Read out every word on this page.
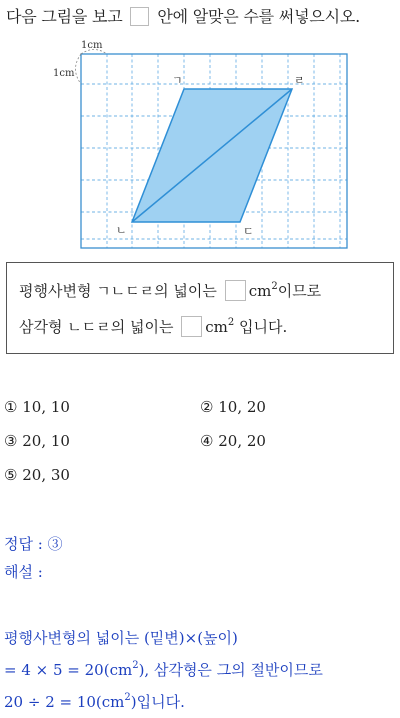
다음 그림을 보고 안에 알맞은 수를 써넣으시오.
1cm
1cm
ㄱ	ㄹ
ㄴ	ㄷ
평행사변형 ㄱㄴㄷㄹ의 넓이는 $cm^2$이므로
삼각형 ㄴㄷㄹ의 넓이는 $cm^2$ 입니다.
① 10, 10	② 10, 20
③ 20, 10	④ 20, 20
⑤ 20, 30
정답 : ③
해설 :
평행사변형의 넓이는 (밑변)×(높이)
= $4 \times 5 = 20(cm^2)$, 삼각형은 그의 절반이므로
$20 \div 2 = 10(cm^2)$입니다.
